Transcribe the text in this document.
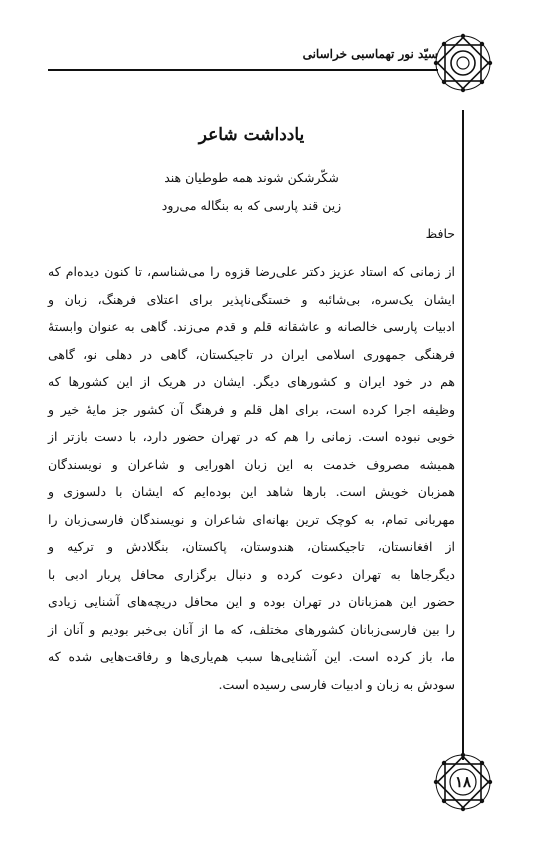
سیّد نور تهماسبی خراسانی
۱۸
یادداشت شاعر
شکّرشکن شوند همه طوطیان هند
زین قند پارسی که به بنگاله می‌رود
حافظ
از زمانی که استاد عزیز دکتر علی‌رضا قزوه را می‌شناسم، تا کنون دیده‌ام که
ایشان یک‌سره، بی‌شائبه و خستگی‌ناپذیر برای اعتلای فرهنگ، زبان و
ادبیات پارسی خالصانه و عاشقانه قلم و قدم می‌زند. گاهی به عنوان وابستهٔ
فرهنگی جمهوری اسلامی ایران در تاجیکستان، گاهی در دهلی نو، گاهی
هم در خود ایران و کشورهای دیگر. ایشان در هریک از این کشورها که
وظیفه اجرا کرده است، برای اهل قلم و فرهنگ آن کشور جز مایهٔ خیر و
خوبی نبوده است. زمانی را هم که در تهران حضور دارد، با دست بازتر از
همیشه مصروف خدمت به این زبان اهورایی و شاعران و نویسندگان
همزبان خویش است. بارها شاهد این بوده‌ایم که ایشان با دلسوزی و
مهربانی تمام، به کوچک ترین بهانه‌ای شاعران و نویسندگان فارسی‌زبان را
از افغانستان، تاجیکستان، هندوستان، پاکستان، بنگلادش و ترکیه و
دیگرجاها به تهران دعوت کرده و دنبال برگزاری محافل پربار ادبی با
حضور این همزبانان در تهران بوده و این محافل دریچه‌های آشنایی زیادی
را بین فارسی‌زبانان کشورهای مختلف، که ما از آنان بی‌خبر بودیم و آنان از
ما، باز کرده است. این آشنایی‌ها سبب هم‌یاری‌ها و رفاقت‌هایی شده که
سودش به زبان و ادبیات فارسی رسیده است.
